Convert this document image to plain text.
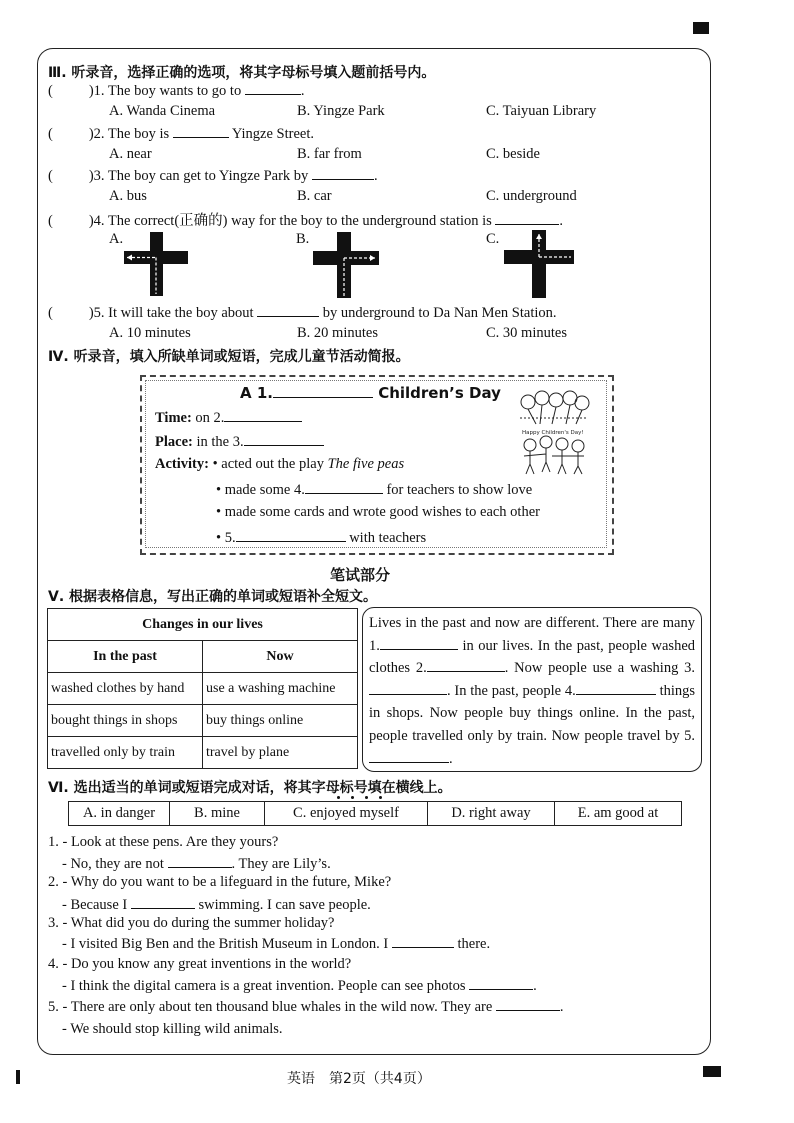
Ⅲ. 听录音，选择正确的选项，将其字母标号填入题前括号内。
( )1. The boy wants to go to	.
A. Wanda Cinema	B. Yingze Park	C. Taiyuan Library
( )2. The boy is	Yingze Street.
A. near	B. far from	C. beside
( )3. The boy can get to Yingze Park by	.
A. bus	B. car	C. underground
( )4. The correct(正确的) way for the boy to the underground station is	.
A.	B.	C.
( )5. It will take the boy about	by underground to Da Nan Men Station.
A. 10 minutes	B. 20 minutes	C. 30 minutes
Ⅳ. 听录音，填入所缺单词或短语，完成儿童节活动简报。
A 1.	Children’s Day
Time: on 2.
Place: in the 3.
Activity: • acted out the play The five peas
• made some 4.	for teachers to show love
• made some cards and wrote good wishes to each other
• 5.	with teachers
Happy Children's Day!
笔试部分
Ⅴ. 根据表格信息，写出正确的单词或短语补全短文。
Changes in our lives	
In the past	Now
washed clothes by hand	use a washing machine
bought things in shops	buy things online
travelled only by train	travel by plane
Lives in the past and now are different. There are many 1.	in our lives. In the past, people washed clothes 2.	. Now people use a washing 3.. In the past, people 4.	things in shops. Now people buy things online. In the past, people travelled only by train. Now people travel by 5..
Ⅵ. 选出适当的单词或短语完成对话，将其字母标号填在横线上。
A. in danger	B. mine	C. enjoyed myself	D. right away	E. am good at
1. - Look at these pens. Are they yours?
- No, they are not	. They are Lily’s.
2. - Why do you want to be a lifeguard in the future, Mike?
- Because I	swimming. I can save people.
3. - What did you do during the summer holiday?
- I visited Big Ben and the British Museum in London. I	there.
4. - Do you know any great inventions in the world?
- I think the digital camera is a great invention. People can see photos	.
5. - There are only about ten thousand blue whales in the wild now. They are	.
- We should stop killing wild animals.
英语　第2页（共4页）
